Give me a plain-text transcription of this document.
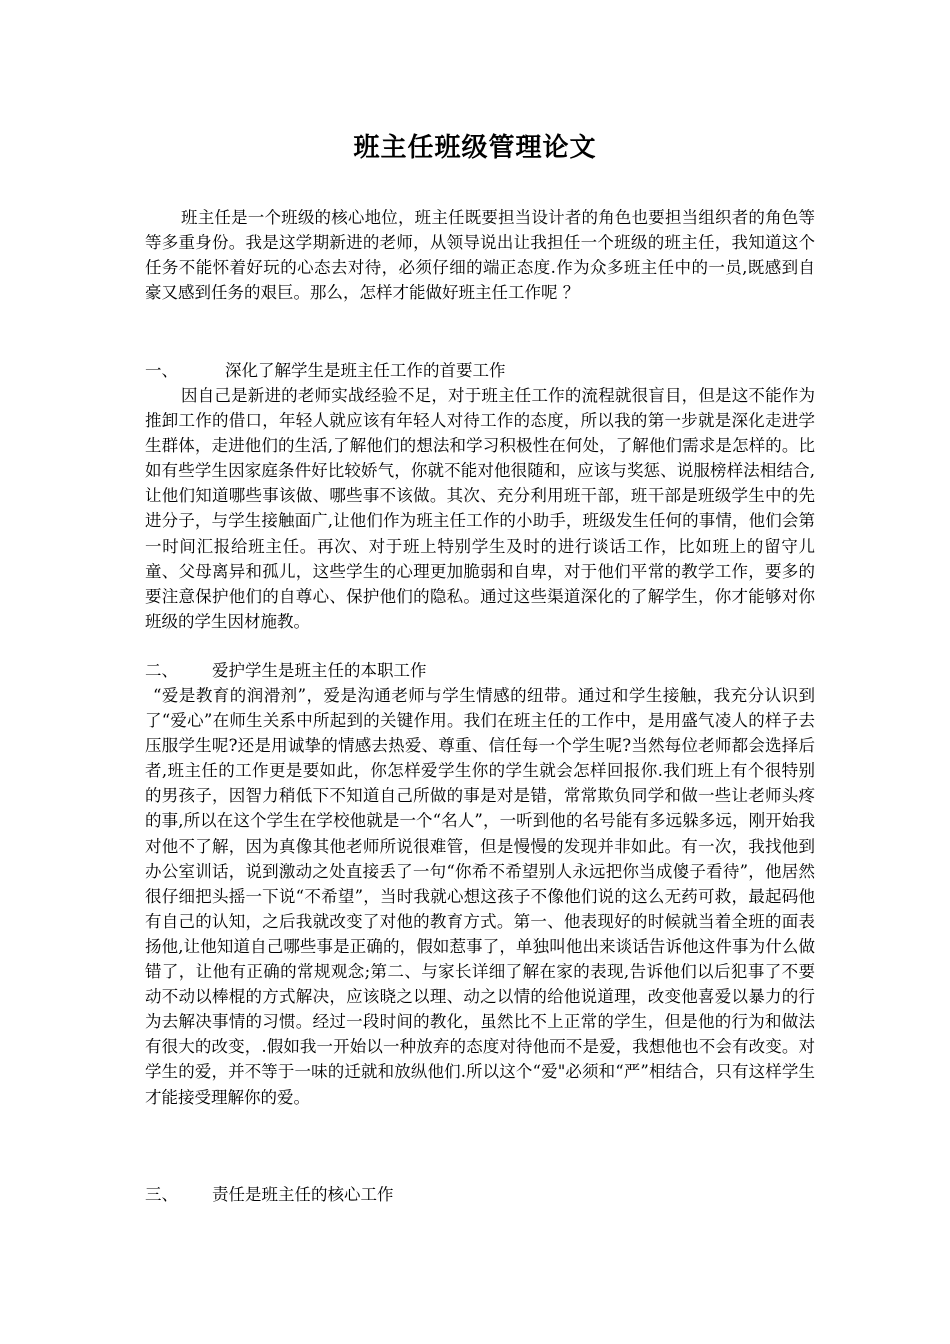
班主任班级管理论文
班主任是一个班级的核心地位，班主任既要担当设计者的角色也要担当组织者的角色等等多重身份。我是这学期新进的老师，从领导说出让我担任一个班级的班主任，我知道这个任务不能怀着好玩的心态去对待，必须仔细的端正态度.作为众多班主任中的一员,既感到自豪又感到任务的艰巨。那么，怎样才能做好班主任工作呢 ？
一、	深化了解学生是班主任工作的首要工作
因自己是新进的老师实战经验不足，对于班主任工作的流程就很盲目，但是这不能作为推卸工作的借口，年轻人就应该有年轻人对待工作的态度，所以我的第一步就是深化走进学生群体，走进他们的生活,了解他们的想法和学习积极性在何处，了解他们需求是怎样的。比如有些学生因家庭条件好比较娇气，你就不能对他很随和，应该与奖惩、说服榜样法相结合,让他们知道哪些事该做、哪些事不该做。其次、充分利用班干部，班干部是班级学生中的先进分子，与学生接触面广,让他们作为班主任工作的小助手，班级发生任何的事情，他们会第一时间汇报给班主任。再次、对于班上特别学生及时的进行谈话工作，比如班上的留守儿童、父母离异和孤儿，这些学生的心理更加脆弱和自卑，对于他们平常的教学工作，要多的要注意保护他们的自尊心、保护他们的隐私。通过这些渠道深化的了解学生，你才能够对你班级的学生因材施教。
二、 爱护学生是班主任的本职工作
“爱是教育的润滑剂”，爱是沟通老师与学生情感的纽带。通过和学生接触，我充分认识到了“爱心”在师生关系中所起到的关键作用。我们在班主任的工作中，是用盛气凌人的样子去压服学生呢?还是用诚挚的情感去热爱、尊重、信任每一个学生呢?当然每位老师都会选择后者,班主任的工作更是要如此，你怎样爱学生你的学生就会怎样回报你.我们班上有个很特别的男孩子，因智力稍低下不知道自己所做的事是对是错，常常欺负同学和做一些让老师头疼的事,所以在这个学生在学校他就是一个“名人”，一听到他的名号能有多远躲多远，刚开始我对他不了解，因为真像其他老师所说很难管，但是慢慢的发现并非如此。有一次，我找他到办公室训话，说到激动之处直接丢了一句“你希不希望别人永远把你当成傻子看待”，他居然很仔细把头摇一下说“不希望”，当时我就心想这孩子不像他们说的这么无药可救，最起码他有自己的认知，之后我就改变了对他的教育方式。第一、他表现好的时候就当着全班的面表扬他,让他知道自己哪些事是正确的，假如惹事了，单独叫他出来谈话告诉他这件事为什么做错了，让他有正确的常规观念;第二、与家长详细了解在家的表现,告诉他们以后犯事了不要动不动以棒棍的方式解决，应该晓之以理、动之以情的给他说道理，改变他喜爱以暴力的行为去解决事情的习惯。经过一段时间的教化，虽然比不上正常的学生，但是他的行为和做法有很大的改变，.假如我一开始以一种放弃的态度对待他而不是爱，我想他也不会有改变。对学生的爱，并不等于一味的迁就和放纵他们.所以这个“爱"必须和“严”相结合，只有这样学生才能接受理解你的爱。
三、 责任是班主任的核心工作
